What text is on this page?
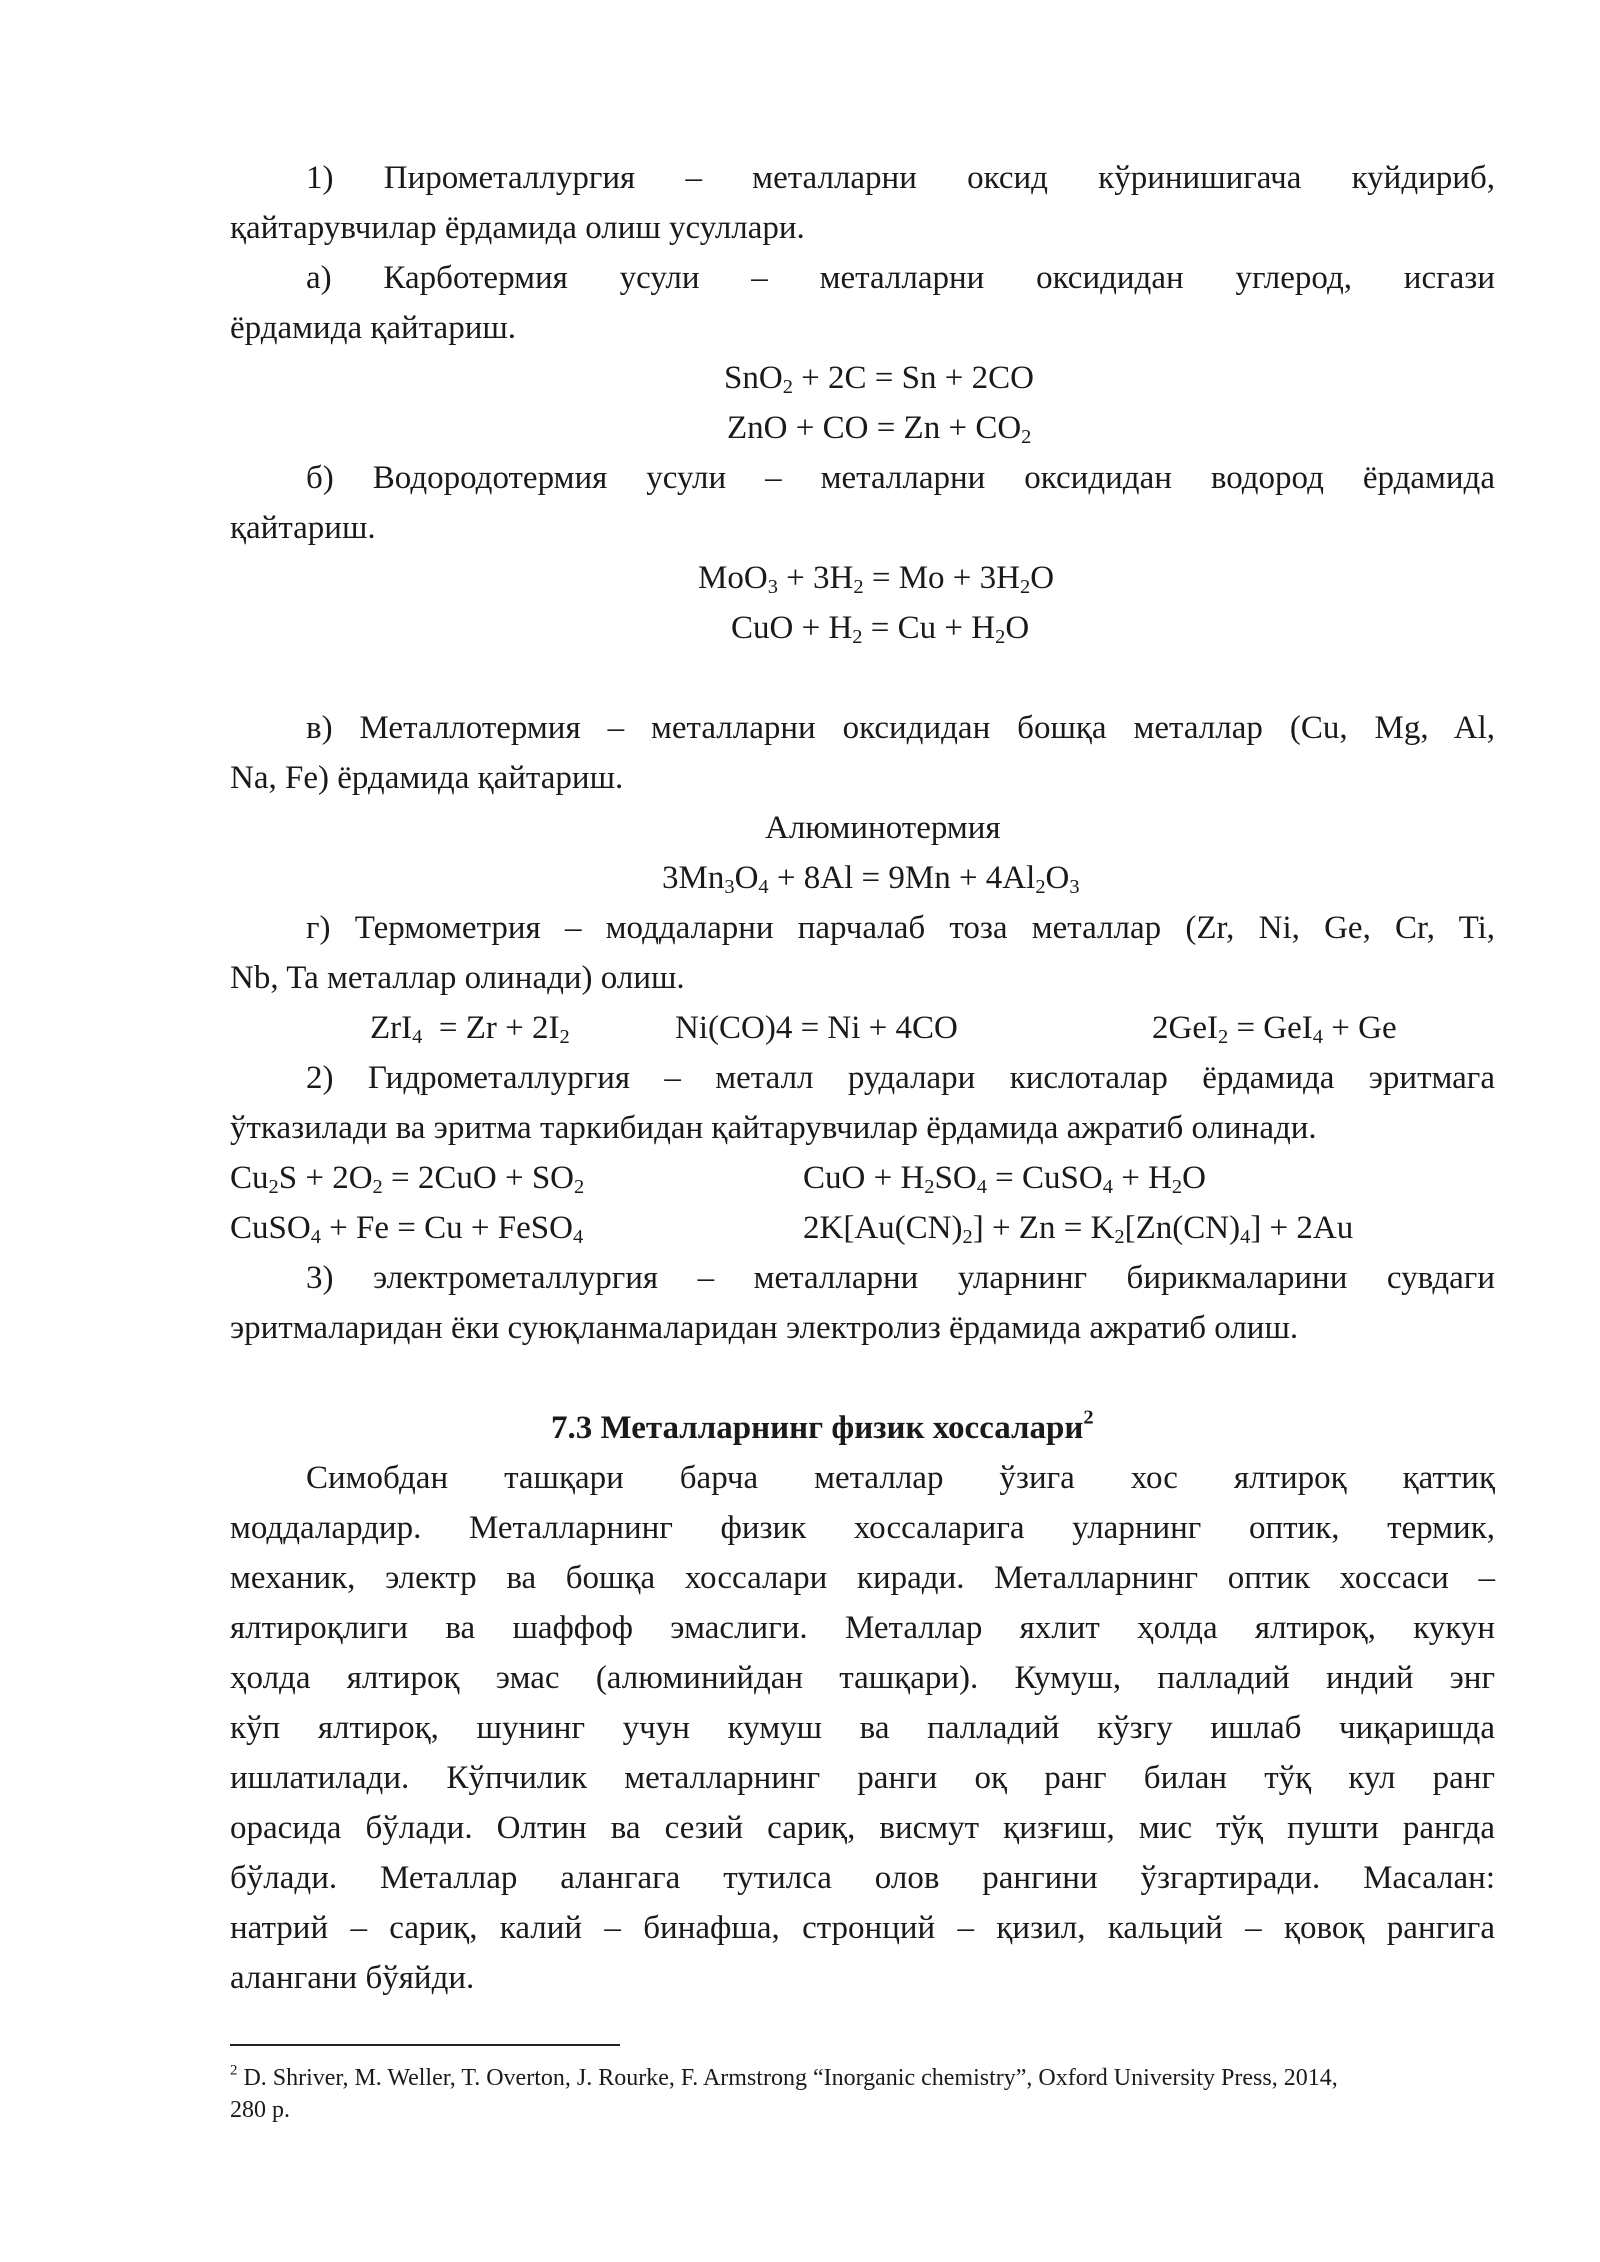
1) Пирометаллургия – металларни оксид кўринишигача куйдириб,
қайтарувчилар ёрдамида олиш усуллари.
а) Карботермия усули – металларни оксидидан углерод, исгази
ёрдамида қайтариш.
SnO$_2$ + 2C = Sn + 2CO
ZnO + CO = $Zn + CO_2$
б) Водородотермия усули – металларни оксидидан водород ёрдамида
қайтариш.
$MoO_3 + 3H_2 = Mo + 3H_2O$
CuO + $H_2 = Cu + H_2O$
в) Металлотермия – металларни оксидидан бошқа металлар (Cu, Mg, Al,
Na, Fe) ёрдамида қайтариш.
Алюминотермия
$3Mn_3O_4 + 8Al = 9Mn + 4Al_2O_3$
г) Термометрия – моддаларни парчалаб тоза металлар (Zr, Ni, Ge, Cr, Ti,
Nb, Ta металлар олинади) олиш.
$ZrI_4 = Zr + 2I_2$	Ni(CO)4 = Ni + 4CO	2GeI$_2$ = GeI$_4$ + Ge
2) Гидрометаллургия – металл рудалари кислоталар ёрдамида эритмага
ўтказилади ва эритма таркибидан қайтарувчилар ёрдамида ажратиб олинади.
$Cu_2S + 2O_2 = 2CuO + SO_2$	CuO + $H_2SO_4$ = CuSO$_4$ + $H_2O$
CuSO$_4$ + Fe = Cu + FeSO$_4$	$2K[Au(CN)_2] + Zn = K_2[Zn(CN)_4] + 2Au$
3) электрометаллургия – металларни уларнинг бирикмаларини сувдаги
эритмаларидан ёки суюқланмаларидан электролиз ёрдамида ажратиб олиш.
7.3 Металларнинг физик хоссалари$^2$
Симобдан ташқари барча металлар ўзига хос ялтироқ қаттиқ
моддалардир. Металларнинг физик хоссаларига уларнинг оптик, термик,
механик, электр ва бошқа хоссалари киради. Металларнинг оптик хоссаси –
ялтироқлиги ва шаффоф эмаслиги. Металлар яхлит ҳолда ялтироқ, кукун
ҳолда ялтироқ эмас (алюминийдан ташқари). Кумуш, палладий индий энг
кўп ялтироқ, шунинг учун кумуш ва палладий кўзгу ишлаб чиқаришда
ишлатилади. Кўпчилик металларнинг ранги оқ ранг билан тўқ кул ранг
орасида бўлади. Олтин ва сезий сариқ, висмут қизғиш, мис тўқ пушти рангда
бўлади. Металлар алангага тутилса олов рангини ўзгартиради. Масалан:
натрий – сариқ, калий – бинафша, стронций – қизил, кальций – қовоқ рангига
алангани бўяйди.
$^2$ D. Shriver, M. Weller, T. Overton, J. Rourke, F. Armstrong “Inorganic chemistry”, Oxford University Press, 2014,
280 p.
